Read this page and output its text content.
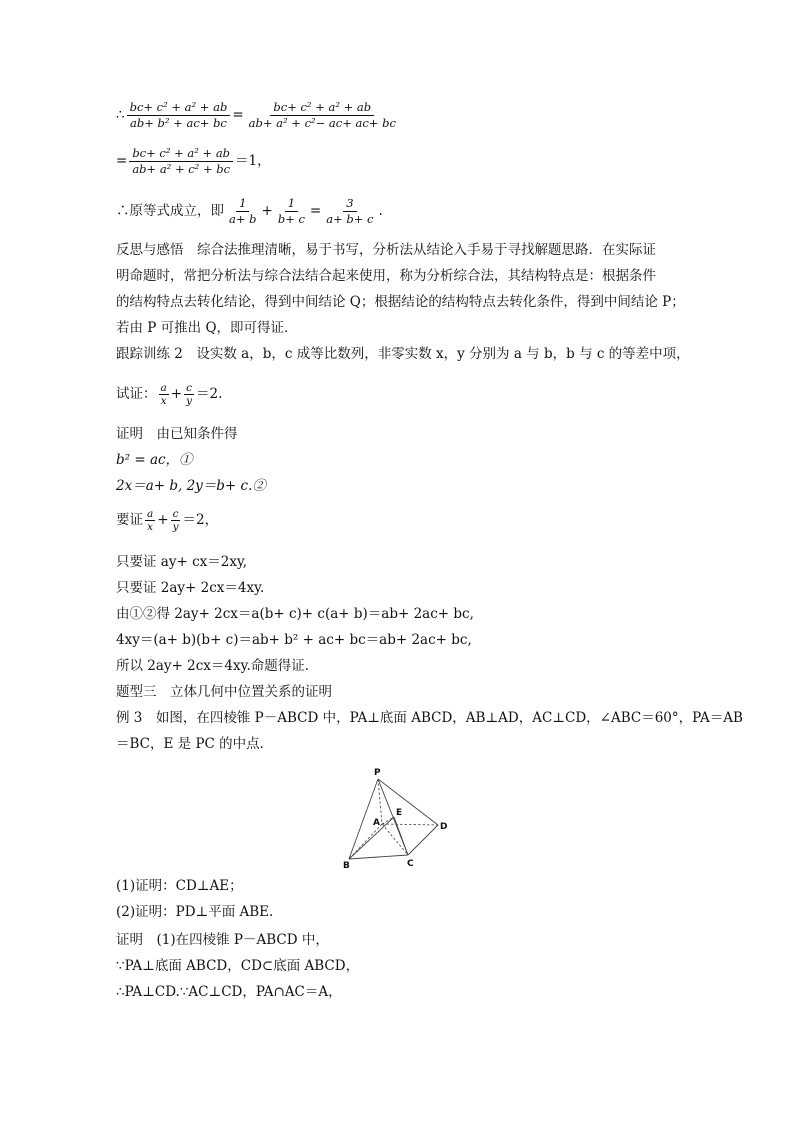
∴ $\frac{\text{bc+ c² + a² + ab}}{\text{ab+ b² + ac+ bc}} = \frac{\text{bc+ c² + a² + ab}}{\text{ab+ a² + c²− ac+ ac+ bc}}$
= $\frac{\text{bc+ c² + a² + ab}}{\text{ab+ a² + c² + bc}} =1$，
∴原等式成立，即 $\frac{1}{a+ b} + \frac{1}{b+ c} = \frac{3}{a+ b+ c}$ .
反思与感悟　综合法推理清晰，易于书写，分析法从结论入手易于寻找解题思路．在实际证
明命题时，常把分析法与综合法结合起来使用，称为分析综合法，其结构特点是：根据条件
的结构特点去转化结论，得到中间结论 Q；根据结论的结构特点去转化条件，得到中间结论 P；
若由 P 可推出 Q，即可得证．
跟踪训练 2　设实数 a，b，c 成等比数列，非零实数 x，y 分别为 a 与 b，b 与 c 的等差中项，
试证： $\frac{a}{x} + \frac{c}{y} =2$.
证明　由已知条件得
b² = ac，①
2x＝a+ b, 2y＝b+ c.②
要证 $\frac{a}{x} + \frac{c}{y} =2$，
只要证 ay+ cx＝2xy,
只要证 2ay+ 2cx＝4xy.
由①②得 2ay+ 2cx＝a(b+ c)+ c(a+ b)＝ab+ 2ac+ bc,
4xy＝(a+ b)(b+ c)＝ab+ b² + ac+ bc＝ab+ 2ac+ bc,
所以 2ay+ 2cx＝4xy.命题得证．
题型三　立体几何中位置关系的证明
例 3　如图，在四棱锥 P－ABCD 中，PA⊥底面 ABCD，AB⊥AD，AC⊥CD，∠ABC＝60°，PA＝AB
＝BC，E 是 PC 的中点．
P
A
E
D
B	C
(1)证明：CD⊥AE；
(2)证明：PD⊥平面 ABE.
证明　(1)在四棱锥 P－ABCD 中，
∵PA⊥底面 ABCD，CD⊂底面 ABCD，
∴PA⊥CD.∵AC⊥CD，PA∩AC＝A，
